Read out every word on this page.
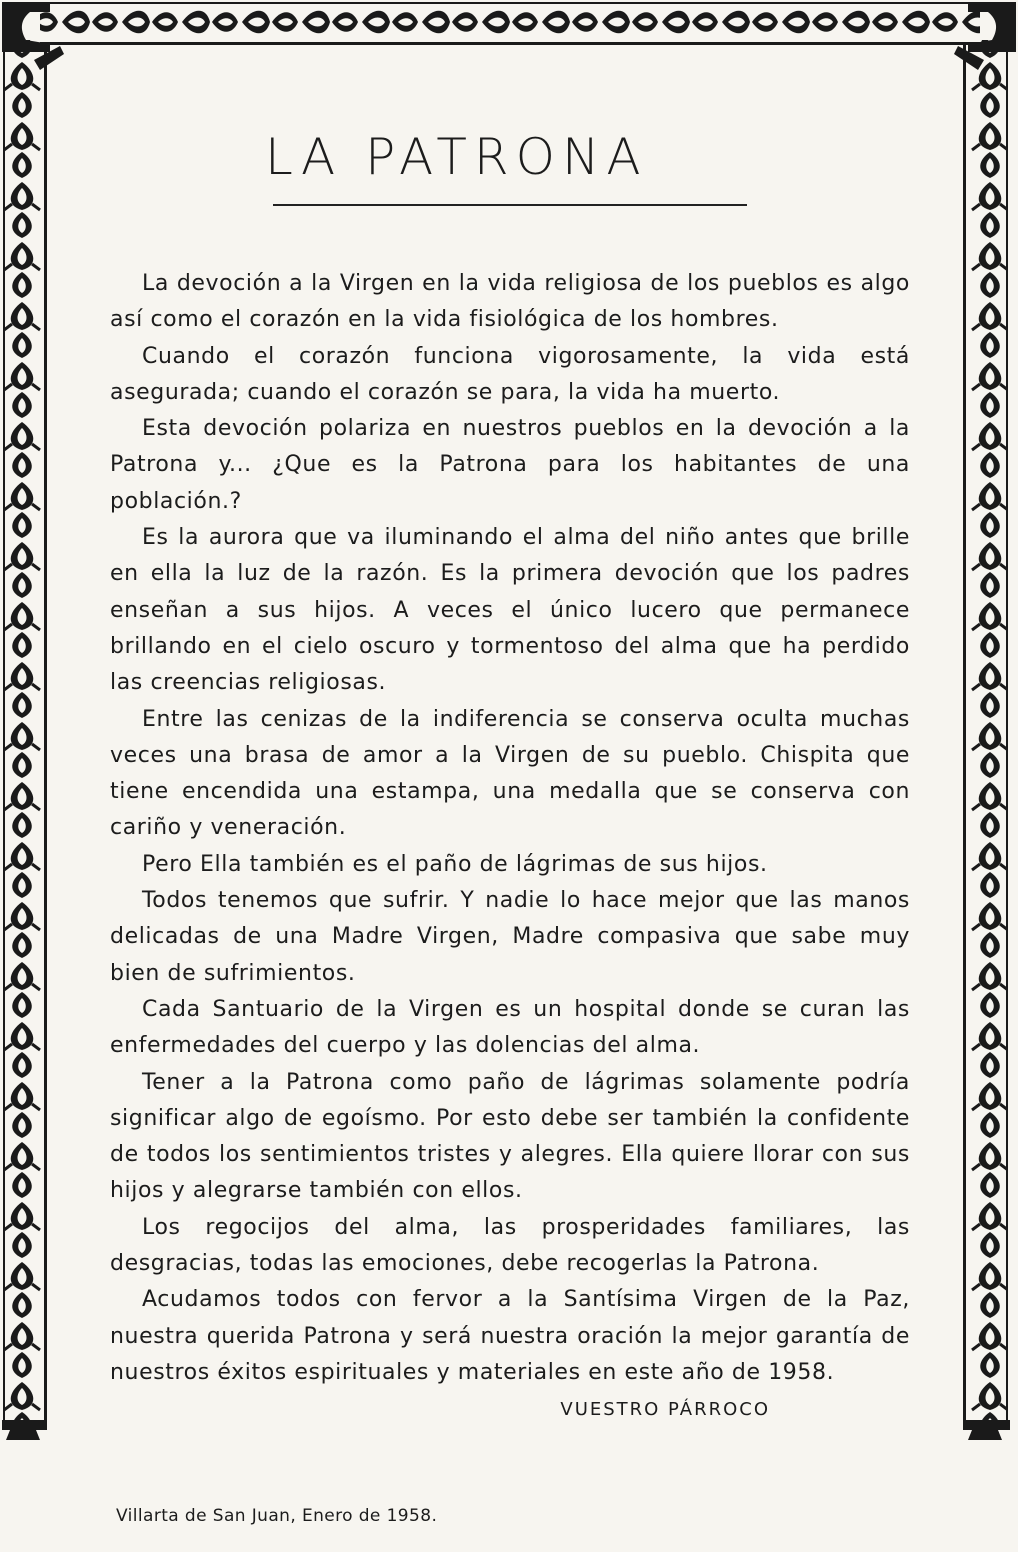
LA PATRONA

La devoción a la Virgen en la vida religiosa de los pueblos es algo así como el corazón en la vida fisiológica de los hombres.

Cuando el corazón funciona vigorosamente, la vida está asegurada; cuando el corazón se para, la vida ha muerto.

Esta devoción polariza en nuestros pueblos en la devoción a la Patrona y... ¿Que es la Patrona para los habitantes de una población.?

Es la aurora que va iluminando el alma del niño antes que brille en ella la luz de la razón. Es la primera devoción que los padres enseñan a sus hijos. A veces el único lucero que permanece brillando en el cielo oscuro y tormentoso del alma que ha perdido las creencias religiosas.

Entre las cenizas de la indiferencia se conserva oculta muchas veces una brasa de amor a la Virgen de su pueblo. Chispita que tiene encendida una estampa, una medalla que se conserva con cariño y veneración.

Pero Ella también es el paño de lágrimas de sus hijos.

Todos tenemos que sufrir. Y nadie lo hace mejor que las manos delicadas de una Madre Virgen, Madre compasiva que sabe muy bien de sufrimientos.

Cada Santuario de la Virgen es un hospital donde se curan las enfermedades del cuerpo y las dolencias del alma.

Tener a la Patrona como paño de lágrimas solamente podría significar algo de egoísmo. Por esto debe ser también la confidente de todos los sentimientos tristes y alegres. Ella quiere llorar con sus hijos y alegrarse también con ellos.

Los regocijos del alma, las prosperidades familiares, las desgracias, todas las emociones, debe recogerlas la Patrona.

Acudamos todos con fervor a la Santísima Virgen de la Paz, nuestra querida Patrona y será nuestra oración la mejor garantía de nuestros éxitos espirituales y materiales en este año de 1958.

VUESTRO PÁRROCO
Villarta de San Juan, Enero de 1958.
